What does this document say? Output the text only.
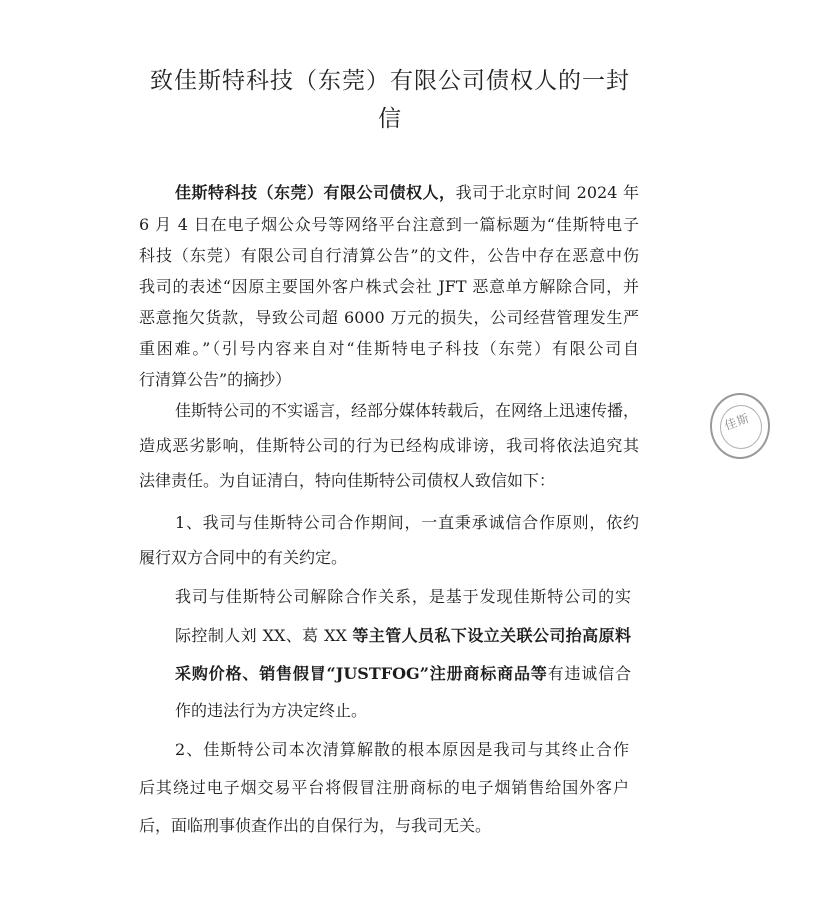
致佳斯特科技（东莞）有限公司债权人的一封
信
佳斯特科技（东莞）有限公司债权人，我司于北京时间 2024 年
6 月 4 日在电子烟公众号等网络平台注意到一篇标题为“佳斯特电子
科技（东莞）有限公司自行清算公告”的文件，公告中存在恶意中伤
我司的表述“因原主要国外客户株式会社 JFT 恶意单方解除合同，并
恶意拖欠货款，导致公司超 6000 万元的损失，公司经营管理发生严
重困难。”（引号内容来自对“佳斯特电子科技（东莞）有限公司自
行清算公告”的摘抄）
佳斯特公司的不实谣言，经部分媒体转载后，在网络上迅速传播，
造成恶劣影响，佳斯特公司的行为已经构成诽谤，我司将依法追究其
法律责任。为自证清白，特向佳斯特公司债权人致信如下：
1、我司与佳斯特公司合作期间，一直秉承诚信合作原则，依约
履行双方合同中的有关约定。
我司与佳斯特公司解除合作关系，是基于发现佳斯特公司的实
际控制人刘 XX、葛 XX 等主管人员私下设立关联公司抬高原料
采购价格、销售假冒“JUSTFOG”注册商标商品等有违诚信合
作的违法行为方决定终止。
2、佳斯特公司本次清算解散的根本原因是我司与其终止合作
后其绕过电子烟交易平台将假冒注册商标的电子烟销售给国外客户
后，面临刑事侦查作出的自保行为，与我司无关。
佳斯
